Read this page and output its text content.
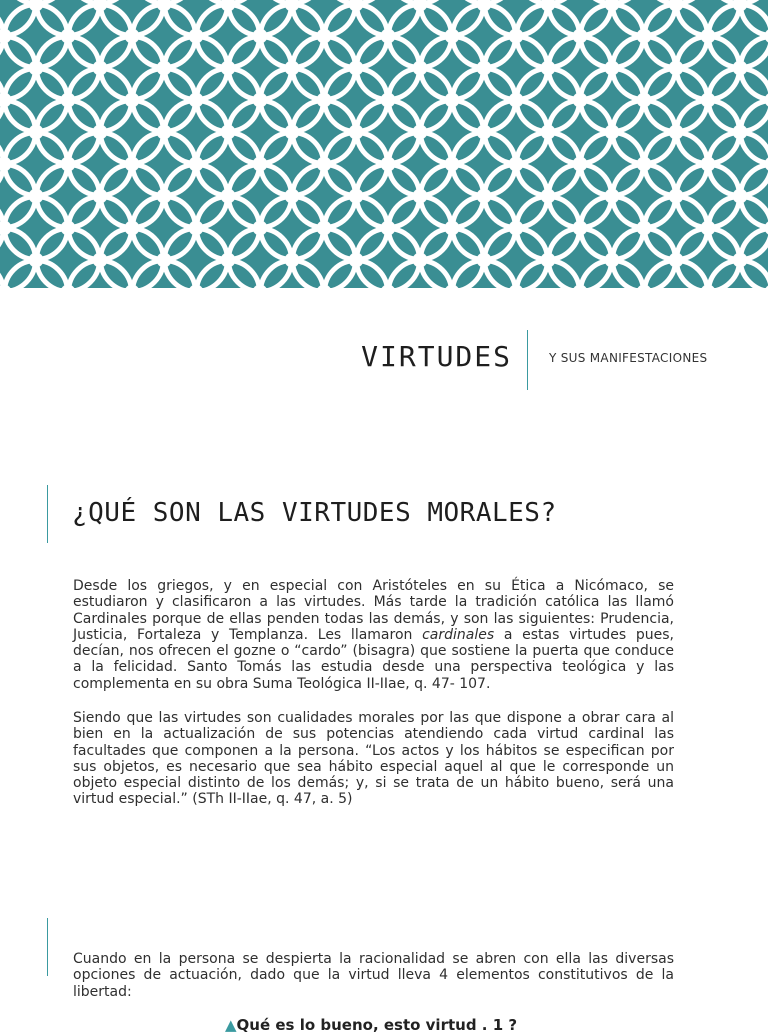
VIRTUDES	Y SUS MANIFESTACIONES
¿QUÉ SON LAS VIRTUDES MORALES?

Desde los griegos, y en especial con Aristóteles en su Ética a Nicómaco, se estudiaron y clasificaron a las virtudes. Más tarde la tradición católica las llamó Cardinales porque de ellas penden todas las demás, y son las siguientes: Prudencia, Justicia, Fortaleza y Templanza. Les llamaron cardinales a estas virtudes pues, decían, nos ofrecen el gozne o “cardo” (bisagra) que sostiene la puerta que conduce a la felicidad. Santo Tomás las estudia desde una perspectiva teológica y las complementa en su obra Suma Teológica II-IIae, q. 47- 107.

Siendo que las virtudes son cualidades morales por las que dispone a obrar cara al bien en la actualización de sus potencias atendiendo cada virtud cardinal las facultades que componen a la persona. “Los actos y los hábitos se especifican por sus objetos, es necesario que sea hábito especial aquel al que le corresponde un objeto especial distinto de los demás; y, si se trata de un hábito bueno, será una virtud especial.” (STh II-IIae, q. 47, a. 5)

Cuando en la persona se despierta la racionalidad se abren con ella las diversas opciones de actuación, dado que la virtud lleva 4 elementos constitutivos de la libertad:

▲Qué es lo bueno, esto virtud . 1 ?
